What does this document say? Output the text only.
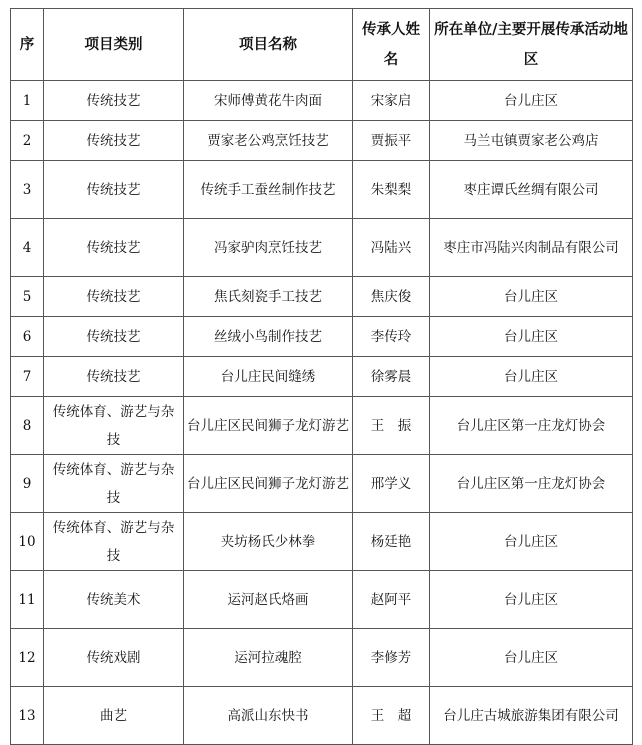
序	项目类别	项目名称	传承人姓名	所在单位/主要开展传承活动地区
1	传统技艺	宋师傅黄花牛肉面	宋家启	台儿庄区
2	传统技艺	贾家老公鸡烹饪技艺	贾振平	马兰屯镇贾家老公鸡店
3	传统技艺	传统手工蚕丝制作技艺	朱梨梨	枣庄谭氏丝绸有限公司
4	传统技艺	冯家驴肉烹饪技艺	冯陆兴	枣庄市冯陆兴肉制品有限公司
5	传统技艺	焦氏刻瓷手工技艺	焦庆俊	台儿庄区
6	传统技艺	丝绒小鸟制作技艺	李传玲	台儿庄区
7	传统技艺	台儿庄民间缝绣	徐雾晨	台儿庄区
8	传统体育、游艺与杂技	台儿庄区民间狮子龙灯游艺	王　振	台儿庄区第一庄龙灯协会
9	传统体育、游艺与杂技	台儿庄区民间狮子龙灯游艺	邢学义	台儿庄区第一庄龙灯协会
10	传统体育、游艺与杂技	夹坊杨氏少林拳	杨廷艳	台儿庄区
11	传统美术	运河赵氏烙画	赵阿平	台儿庄区
12	传统戏剧	运河拉魂腔	李修芳	台儿庄区
13	曲艺	高派山东快书	王　超	台儿庄古城旅游集团有限公司
